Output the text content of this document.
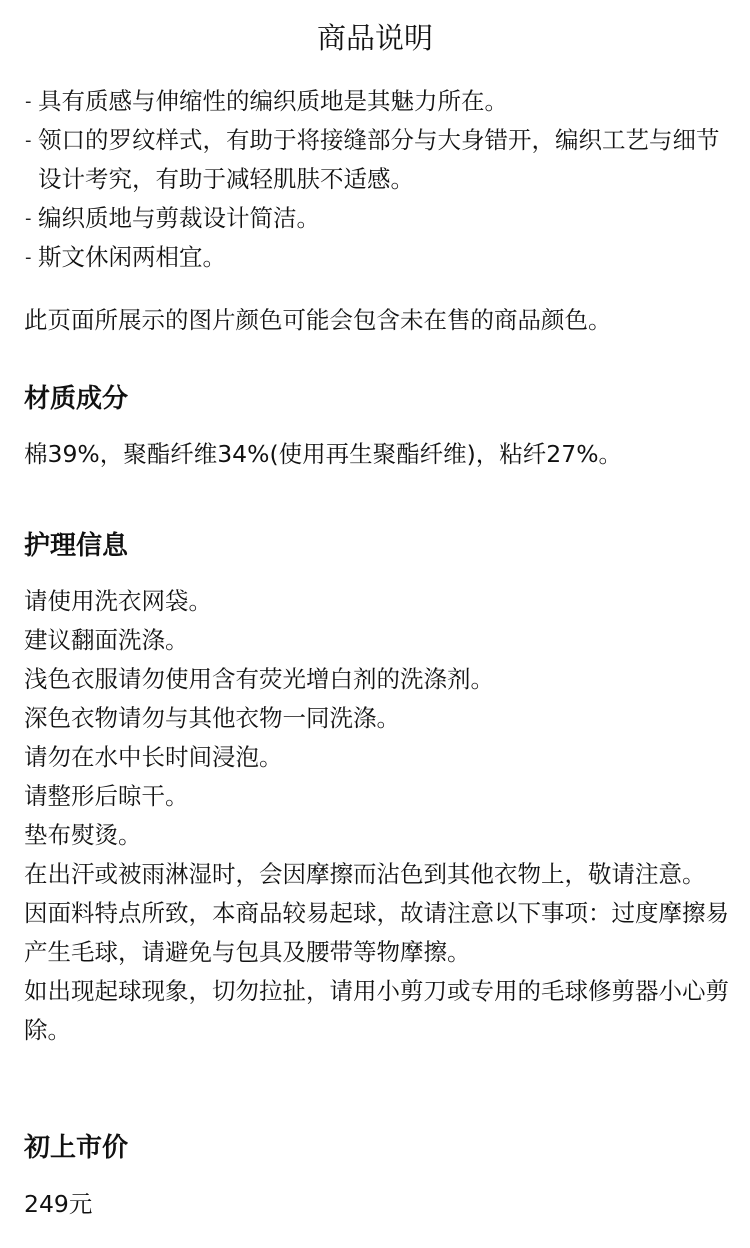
商品说明
- 具有质感与伸缩性的编织质地是其魅力所在。
- 领口的罗纹样式，有助于将接缝部分与大身错开，编织工艺与细节设计考究，有助于减轻肌肤不适感。
- 编织质地与剪裁设计简洁。
- 斯文休闲两相宜。
此页面所展示的图片颜色可能会包含未在售的商品颜色。
材质成分
棉39%，聚酯纤维34%(使用再生聚酯纤维)，粘纤27%。
护理信息
请使用洗衣网袋。
建议翻面洗涤。
浅色衣服请勿使用含有荧光增白剂的洗涤剂。
深色衣物请勿与其他衣物一同洗涤。
请勿在水中长时间浸泡。
请整形后晾干。
垫布熨烫。
在出汗或被雨淋湿时，会因摩擦而沾色到其他衣物上，敬请注意。
因面料特点所致，本商品较易起球，故请注意以下事项：过度摩擦易产生毛球，请避免与包具及腰带等物摩擦。
如出现起球现象，切勿拉扯，请用小剪刀或专用的毛球修剪器小心剪除。
初上市价
249元
